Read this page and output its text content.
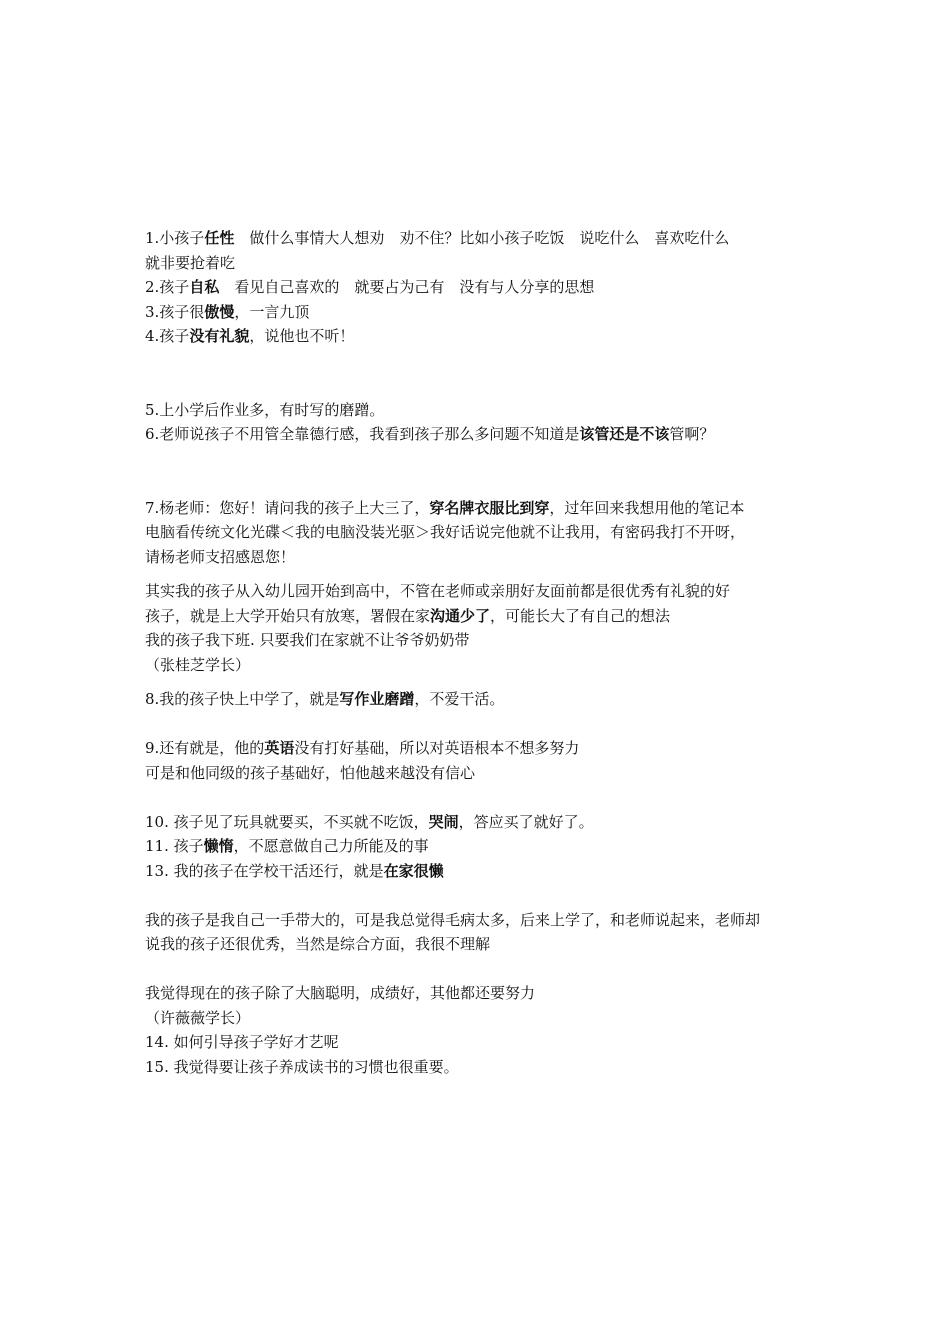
1.小孩子任性　做什么事情大人想劝　劝不住？比如小孩子吃饭　说吃什么　喜欢吃什么
就非要抢着吃
2.孩子自私　看见自己喜欢的　就要占为己有　没有与人分享的思想
3.孩子很傲慢，一言九顶
4.孩子没有礼貌，说他也不听！
5.上小学后作业多，有时写的磨蹭。
6.老师说孩子不用管全靠德行感，我看到孩子那么多问题不知道是该管还是不该管啊？
7.杨老师：您好！请问我的孩子上大三了，穿名牌衣服比到穿，过年回来我想用他的笔记本
电脑看传统文化光碟＜我的电脑没装光驱＞我好话说完他就不让我用，有密码我打不开呀，
请杨老师支招感恩您！
其实我的孩子从入幼儿园开始到高中，不管在老师或亲朋好友面前都是很优秀有礼貌的好
孩子，就是上大学开始只有放寒，署假在家沟通少了，可能长大了有自己的想法
我的孩子我下班. 只要我们在家就不让爷爷奶奶带
（张桂芝学长）
8.我的孩子快上中学了，就是写作业磨蹭，不爱干活。
9.还有就是，他的英语没有打好基础，所以对英语根本不想多努力
可是和他同级的孩子基础好，怕他越来越没有信心
10. 孩子见了玩具就要买，不买就不吃饭，哭闹，答应买了就好了。
11. 孩子懒惰，不愿意做自己力所能及的事
13. 我的孩子在学校干活还行，就是在家很懒
我的孩子是我自己一手带大的，可是我总觉得毛病太多，后来上学了，和老师说起来，老师却
说我的孩子还很优秀，当然是综合方面，我很不理解
我觉得现在的孩子除了大脑聪明，成绩好，其他都还要努力
（许薇薇学长）
14. 如何引导孩子学好才艺呢
15. 我觉得要让孩子养成读书的习惯也很重要。
